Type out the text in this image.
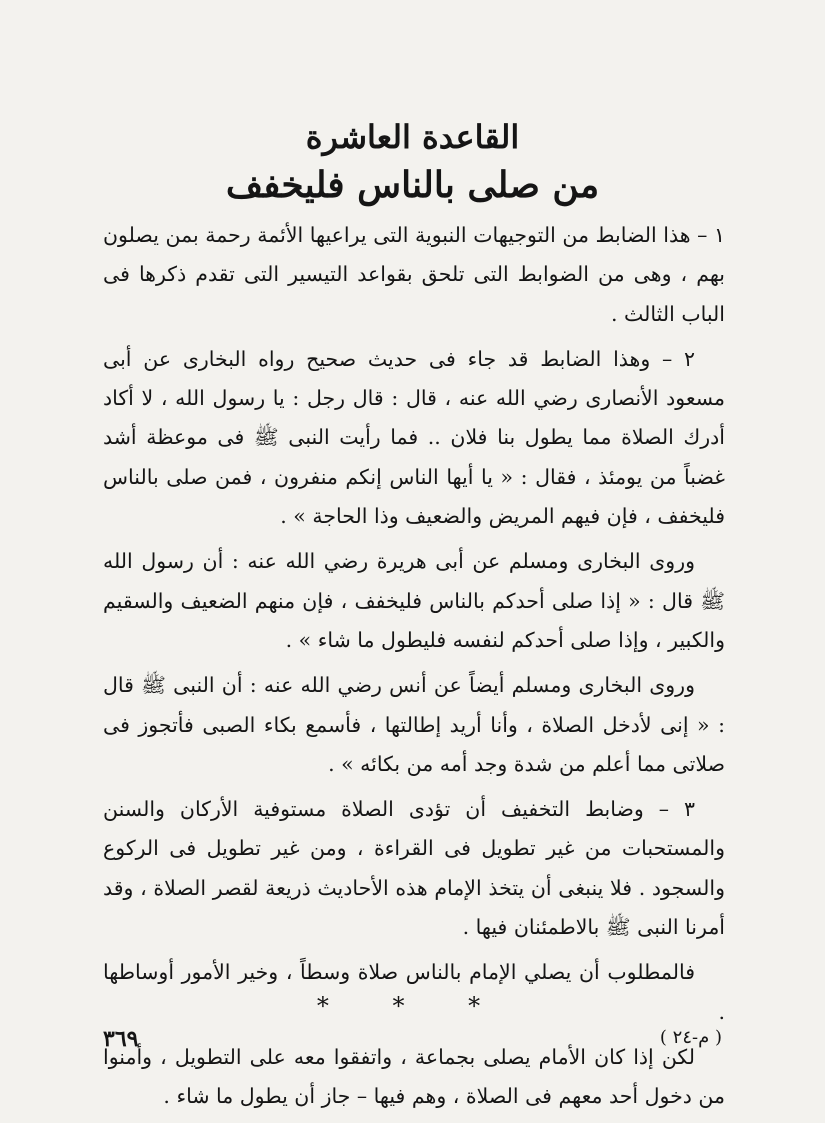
القاعدة العاشرة
من صلى بالناس فليخفف

١ – هذا الضابط من التوجيهات النبوية التى يراعيها الأئمة رحمة بمن يصلون بهم ، وهى من الضوابط التى تلحق بقواعد التيسير التى تقدم ذكرها فى الباب الثالث .

٢ – وهذا الضابط قد جاء فى حديث صحيح رواه البخارى عن أبى مسعود الأنصارى رضي الله عنه ، قال : قال رجل : يا رسول الله ، لا أكاد أدرك الصلاة مما يطول بنا فلان .. فما رأيت النبى ﷺ فى موعظة أشد غضباً من يومئذ ، فقال : « يا أيها الناس إنكم منفرون ، فمن صلى بالناس فليخفف ، فإن فيهم المريض والضعيف وذا الحاجة » .

وروى البخارى ومسلم عن أبى هريرة رضي الله عنه : أن رسول الله ﷺ قال : « إذا صلى أحدكم بالناس فليخفف ، فإن منهم الضعيف والسقيم والكبير ، وإذا صلى أحدكم لنفسه فليطول ما شاء » .

وروى البخارى ومسلم أيضاً عن أنس رضي الله عنه : أن النبى ﷺ قال : « إنى لأدخل الصلاة ، وأنا أريد إطالتها ، فأسمع بكاء الصبى فأتجوز فى صلاتى مما أعلم من شدة وجد أمه من بكائه » .

٣ – وضابط التخفيف أن تؤدى الصلاة مستوفية الأركان والسنن والمستحبات من غير تطويل فى القراءة ، ومن غير تطويل فى الركوع والسجود . فلا ينبغى أن يتخذ الإمام هذه الأحاديث ذريعة لقصر الصلاة ، وقد أمرنا النبى ﷺ بالاطمئنان فيها .

فالمطلوب أن يصلي الإمام بالناس صلاة وسطاً ، وخير الأمور أوساطها .

لكن إذا كان الأمام يصلى بجماعة ، واتفقوا معه على التطويل ، وأمنوا من دخول أحد معهم فى الصلاة ، وهم فيها – جاز أن يطول ما شاء .

* * *
٣٦٩	( م-٢٤ )
